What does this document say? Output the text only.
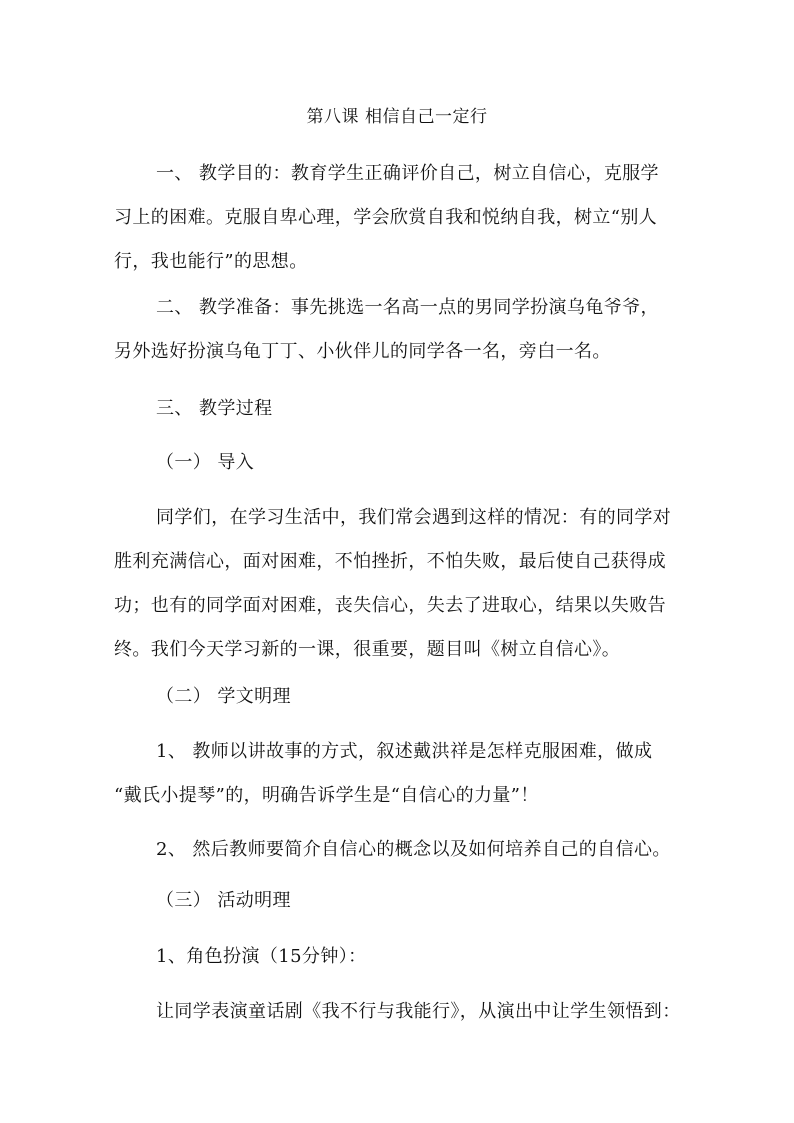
第八课 相信自己一定行
一、 教学目的：教育学生正确评价自己，树立自信心，克服学
习上的困难。克服自卑心理，学会欣赏自我和悦纳自我，树立“别人
行，我也能行”的思想。
二、 教学准备：事先挑选一名高一点的男同学扮演乌龟爷爷，
另外选好扮演乌龟丁丁、小伙伴儿的同学各一名，旁白一名。
三、 教学过程
（一） 导入
同学们，在学习生活中，我们常会遇到这样的情况：有的同学对
胜利充满信心，面对困难，不怕挫折，不怕失败，最后使自己获得成
功；也有的同学面对困难，丧失信心，失去了进取心，结果以失败告
终。我们今天学习新的一课，很重要，题目叫《树立自信心》。
（二） 学文明理
1、 教师以讲故事的方式，叙述戴洪祥是怎样克服困难，做成
“戴氏小提琴”的，明确告诉学生是“自信心的力量”！
2、 然后教师要简介自信心的概念以及如何培养自己的自信心。
（三） 活动明理
1、角色扮演（15分钟）：
让同学表演童话剧《我不行与我能行》，从演出中让学生领悟到：
